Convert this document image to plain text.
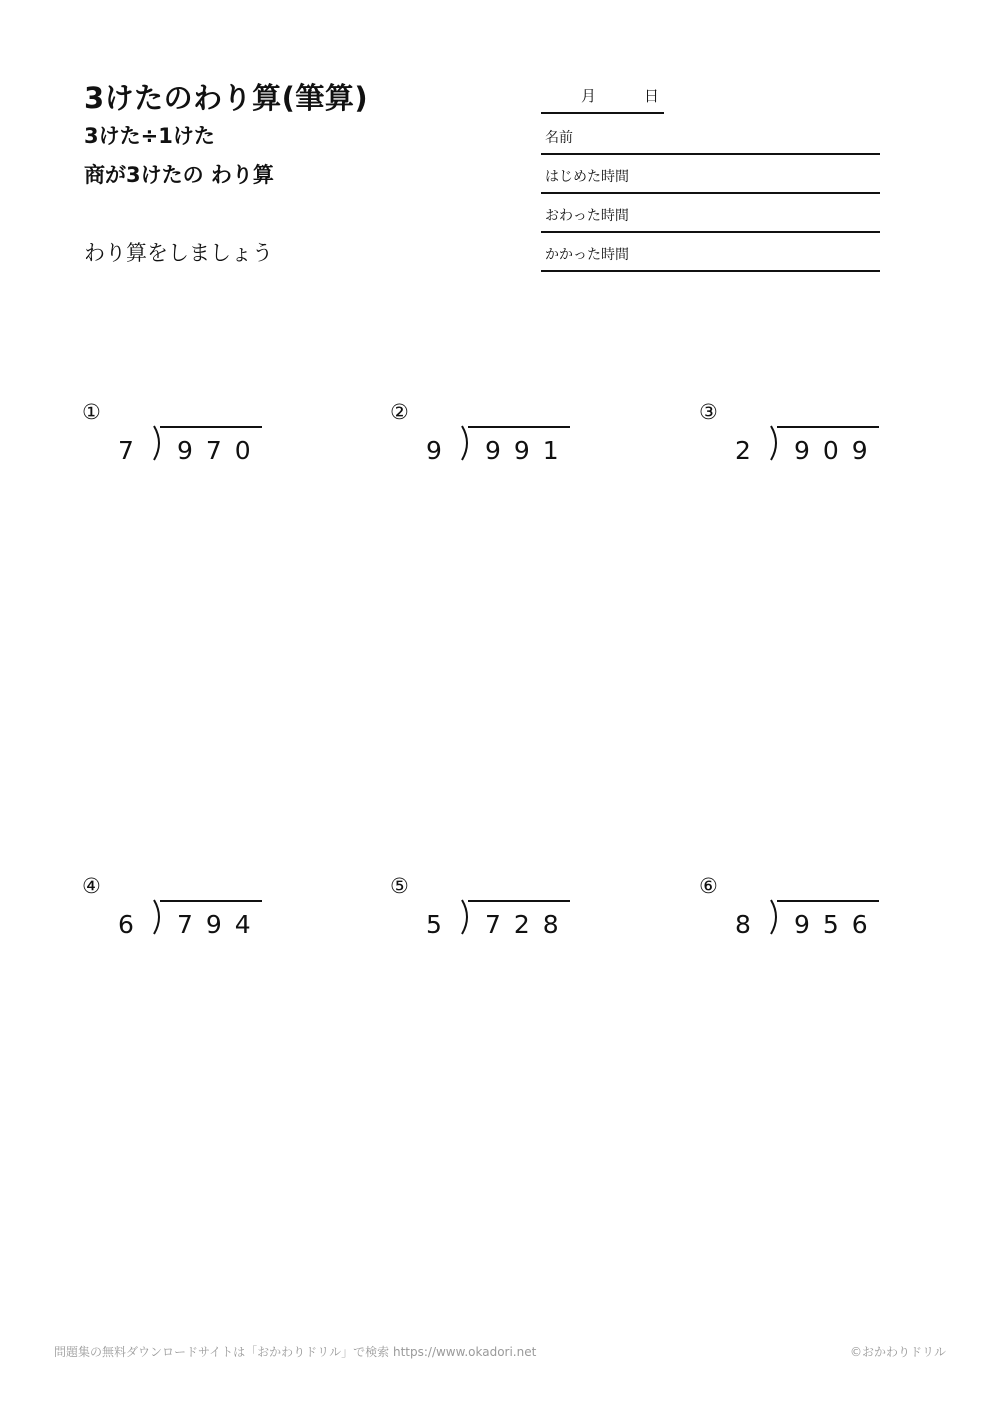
3けたのわり算(筆算)
3けた÷1けた
商が3けたの わり算
わり算をしましょう
月	日
名前
はじめた時間
おわった時間
かかった時間
①
7 970
②
9 991
③
2 909
④
6 794
⑤
5 728
⑥
8 956
問題集の無料ダウンロードサイトは「おかわりドリル」で検索 https://www.okadori.net	©おかわりドリル
